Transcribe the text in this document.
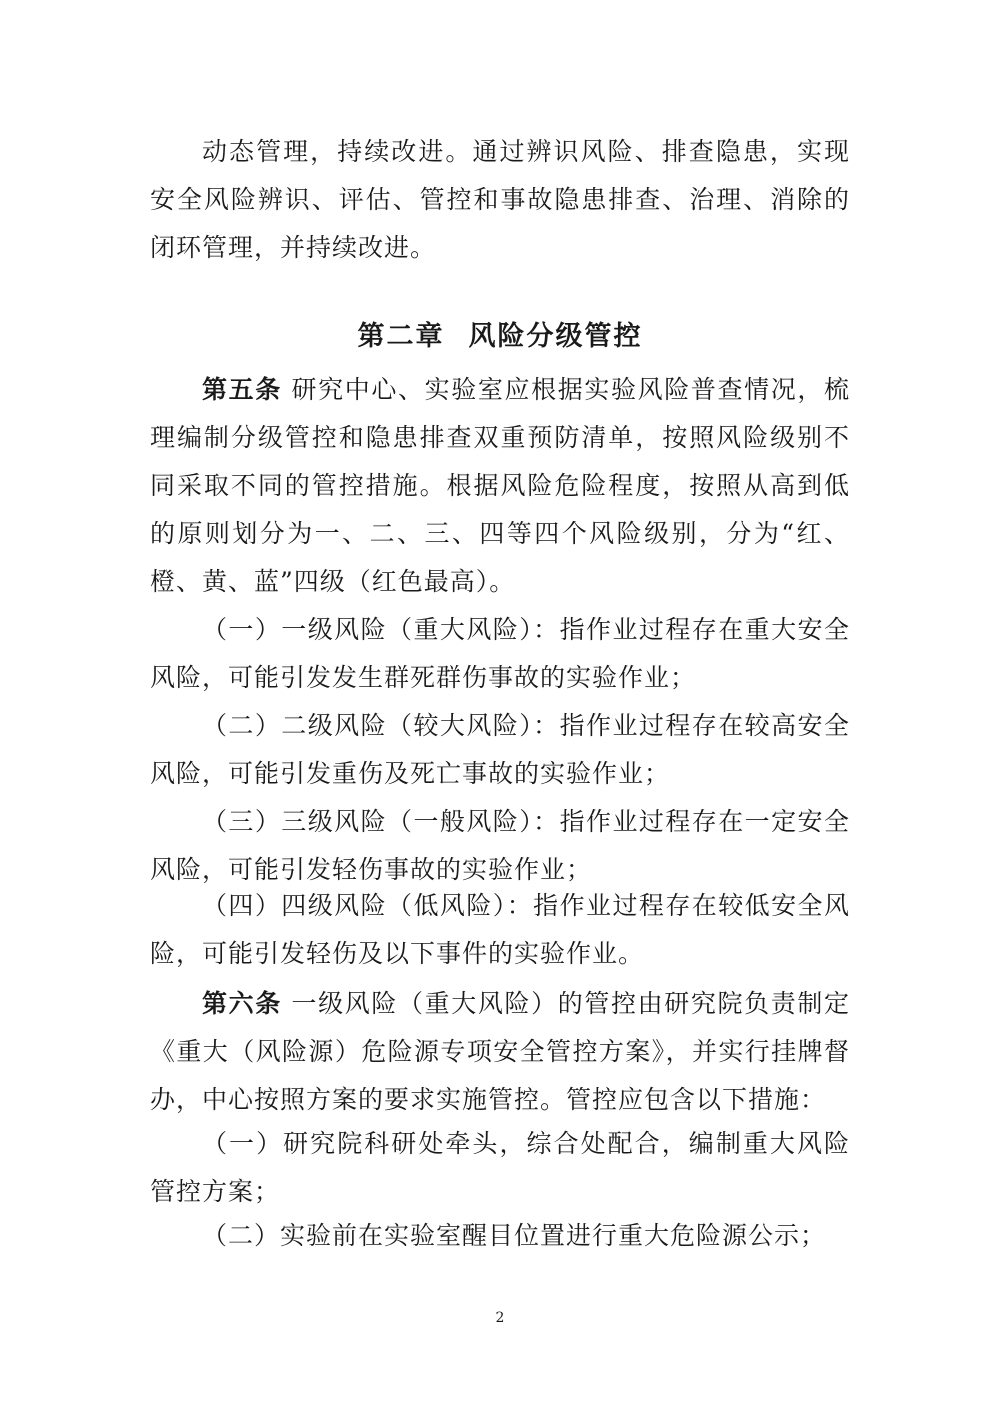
动态管理，持续改进。通过辨识风险、排查隐患，实现安全风险辨识、评估、管控和事故隐患排查、治理、消除的闭环管理，并持续改进。

第二章 风险分级管控

第五条 研究中心、实验室应根据实验风险普查情况，梳理编制分级管控和隐患排查双重预防清单，按照风险级别不同采取不同的管控措施。根据风险危险程度，按照从高到低的原则划分为一、二、三、四等四个风险级别，分为“红、橙、黄、蓝”四级（红色最高）。

（一）一级风险（重大风险）：指作业过程存在重大安全风险，可能引发发生群死群伤事故的实验作业；

（二）二级风险（较大风险）：指作业过程存在较高安全风险，可能引发重伤及死亡事故的实验作业；

（三）三级风险（一般风险）：指作业过程存在一定安全风险，可能引发轻伤事故的实验作业；

（四）四级风险（低风险）：指作业过程存在较低安全风险，可能引发轻伤及以下事件的实验作业。

第六条 一级风险（重大风险）的管控由研究院负责制定《重大（风险源）危险源专项安全管控方案》，并实行挂牌督办，中心按照方案的要求实施管控。管控应包含以下措施：

（一）研究院科研处牵头，综合处配合，编制重大风险管控方案；

（二）实验前在实验室醒目位置进行重大危险源公示；

2
